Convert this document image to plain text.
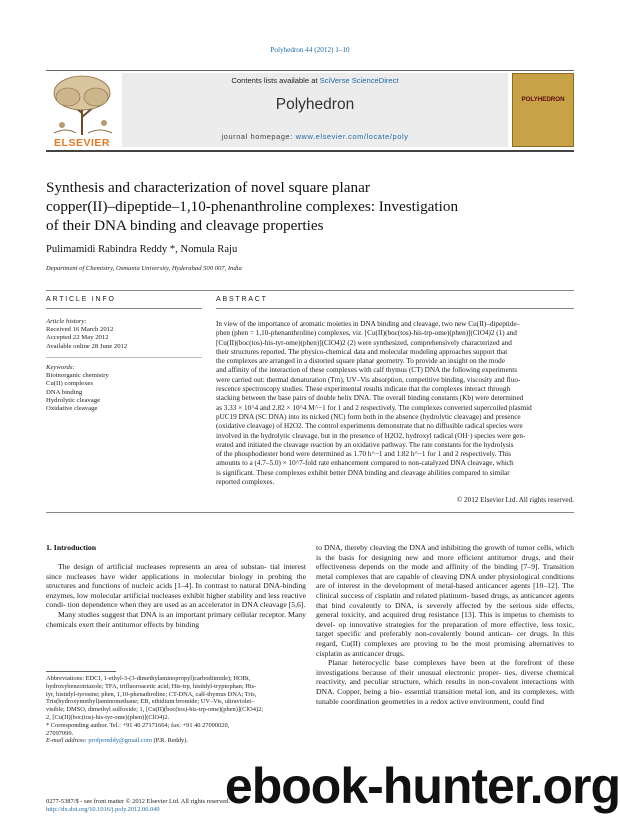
Polyhedron 44 (2012) 1–10
ELSEVIER
Contents lists available at SciVerse ScienceDirect
Polyhedron
journal homepage: www.elsevier.com/locate/poly
POLYHEDRON
Synthesis and characterization of novel square planar
copper(II)–dipeptide–1,10-phenanthroline complexes: Investigation
of their DNA binding and cleavage properties
Pulimamidi Rabindra Reddy *, Nomula Raju
Department of Chemistry, Osmania University, Hyderabad 500 007, India
ARTICLE INFO	ABSTRACT
Article history:
Received 16 March 2012
Accepted 22 May 2012
Available online 28 June 2012
Keywords:
Bioinorganic chemistry
Cu(II) complexes
DNA binding
Hydrolytic cleavage
Oxidative cleavage
In view of the importance of aromatic moieties in DNA binding and cleavage, two new Cu(II)–dipeptide–
phen (phen = 1,10-phenanthroline) complexes, viz. [Cu(II)(boc(tos)-his-trp-ome)(phen)](ClO4)2 (1) and
[Cu(II)(boc(tos)-his-tyr-ome)(phen)](ClO4)2 (2) were synthesized, comprehensively characterized and
their structures reported. The physico-chemical data and molecular modeling approaches support that
the complexes are arranged in a distorted square planar geometry. To provide an insight on the mode
and affinity of the interaction of these complexes with calf thymus (CT) DNA the following experiments
were carried out: thermal denaturation (Tm), UV–Vis absorption, competitive binding, viscosity and fluo-
rescence spectroscopy studies. These experimental results indicate that the complexes interact through
stacking between the base pairs of double helix DNA. The overall binding constants (Kb) were determined
as 3.33 × 10^4 and 2.82 × 10^4 M^−1 for 1 and 2 respectively. The complexes converted supercoiled plasmid
pUC19 DNA (SC DNA) into its nicked (NC) form both in the absence (hydrolytic cleavage) and presence
(oxidative cleavage) of H2O2. The control experiments demonstrate that no diffusible radical species were
involved in the hydrolytic cleavage, but in the presence of H2O2, hydroxyl radical (OH·) species were gen-
erated and initiated the cleavage reaction by an oxidative pathway. The rate constants for the hydrolysis
of the phosphodiester bond were determined as 1.70 h^−1 and 1.82 h^−1 for 1 and 2 respectively. This
amounts to a (4.7–5.0) × 10^7-fold rate enhancement compared to non-catalyzed DNA cleavage, which
is significant. These complexes exhibit better DNA binding and cleavage abilities compared to similar
reported complexes.
© 2012 Elsevier Ltd. All rights reserved.
1. Introduction

The design of artificial nucleases represents an area of substan- tial interest since nucleases have wider applications in molecular biology in probing the structures and functions of nucleic acids [1–4]. In contrast to natural DNA-binding enzymes, low molecular artificial nucleases exhibit higher stability and less reactive condi- tion dependence when they are used as an accelerator in DNA cleavage [5,6].

Many studies suggest that DNA is an important primary cellular receptor. Many chemicals exert their antitumor effects by binding

Abbreviations: EDCI, 1-ethyl-3-(3-dimethylaminopropyl)carbodiimide); HOBt,
hydroxybenzotriazole; TFA, trifluoroacetic acid; His-trp, histidyl-tryptophan; His-
tyr, histidyl-tyrosine; phen, 1,10-phenathroline; CT-DNA, calf-thymus DNA; Tris,
Tris(hydroxymethyl)aminomethane; EB, ethidium bromide; UV–Vis, ultraviolet–
visible; DMSO, dimethyl sulfoxide; 1, [Cu(II)(boc(tos)-his-trp-ome)(phen)](ClO4)2;
2, [Cu(II)(boc(tos)-his-tyr-ome)(phen)](ClO4)2.
* Corresponding author. Tel.: +91 40 27171664; fax: +91 40 27090020,
27097099.
E-mail address: profprreddy@gmail.com (P.R. Reddy).

to DNA, thereby cleaving the DNA and inhibiting the growth of tumor cells, which is the basis for designing new and more efficient antitumor drugs, and their effectiveness depends on the mode and affinity of the binding [7–9]. Transition metal complexes that are capable of cleaving DNA under physiological conditions are of interest in the development of metal-based anticancer agents [10–12]. The clinical success of cisplatin and related platinum- based drugs, as anticancer agents that bind covalently to DNA, is severely affected by the serious side effects, general toxicity, and acquired drug resistance [13]. This is impetus to chemists to devel- op innovative strategies for the preparation of more effective, less toxic, target specific and preferably non-covalently bound antican- cer drugs. In this regard, Cu(II) complexes are proving to be the most promising alternatives to cisplatin as anticancer drugs.

Planar heterocyclic base complexes have been at the forefront of these investigations because of their unusual electronic proper- ties, diverse chemical reactivity, and peculiar structure, which results in non-covalent interactions with DNA. Copper, being a bio- essential transition metal ion, and its complexes, with tunable coordination geometries in a redox active environment, could find

0277-5387/$ - see front matter © 2012 Elsevier Ltd. All rights reserved.
http://dx.doi.org/10.1016/j.poly.2012.06.049	ebook-hunter.org
